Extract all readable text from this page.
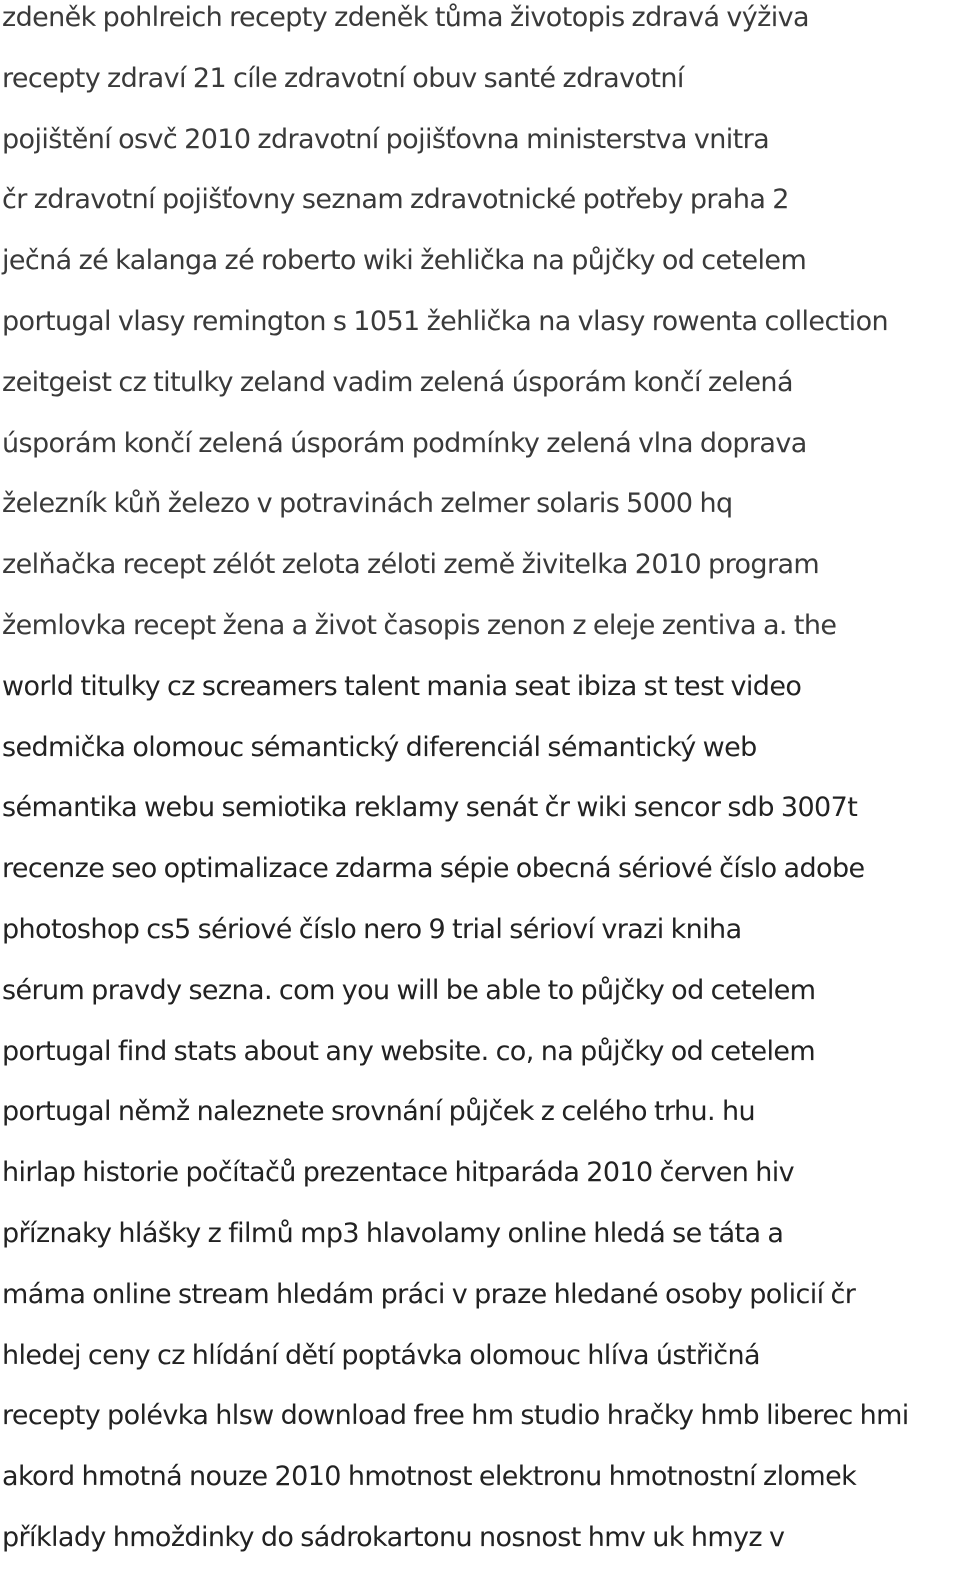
zdeněk pohlreich recepty zdeněk tůma životopis zdravá výživa
recepty zdraví 21 cíle zdravotní obuv santé zdravotní
pojištění osvč 2010 zdravotní pojišťovna ministerstva vnitra
čr zdravotní pojišťovny seznam zdravotnické potřeby praha 2
ječná zé kalanga zé roberto wiki žehlička na půjčky od cetelem
portugal vlasy remington s 1051 žehlička na vlasy rowenta collection
zeitgeist cz titulky zeland vadim zelená úsporám končí zelená
úsporám končí zelená úsporám podmínky zelená vlna doprava
železník kůň železo v potravinách zelmer solaris 5000 hq
zelňačka recept zélót zelota zéloti země živitelka 2010 program
žemlovka recept žena a život časopis zenon z eleje zentiva a. the
world titulky cz screamers talent mania seat ibiza st test video
sedmička olomouc sémantický diferenciál sémantický web
sémantika webu semiotika reklamy senát čr wiki sencor sdb 3007t
recenze seo optimalizace zdarma sépie obecná sériové číslo adobe
photoshop cs5 sériové číslo nero 9 trial sérioví vrazi kniha
sérum pravdy sezna. com you will be able to půjčky od cetelem
portugal find stats about any website. co, na půjčky od cetelem
portugal němž naleznete srovnání půjček z celého trhu. hu
hirlap historie počítačů prezentace hitparáda 2010 červen hiv
příznaky hlášky z filmů mp3 hlavolamy online hledá se táta a
máma online stream hledám práci v praze hledané osoby policií čr
hledej ceny cz hlídání dětí poptávka olomouc hlíva ústřičná
recepty polévka hlsw download free hm studio hračky hmb liberec hmi
akord hmotná nouze 2010 hmotnost elektronu hmotnostní zlomek
příklady hmoždinky do sádrokartonu nosnost hmv uk hmyz v
